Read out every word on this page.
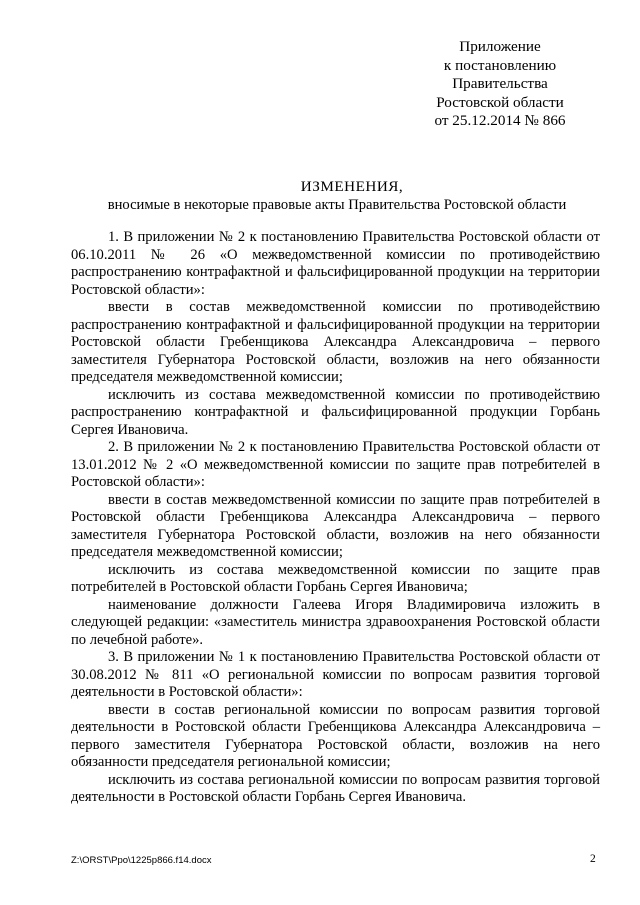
Приложение
к постановлению
Правительства
Ростовской области
от 25.12.2014 № 866
ИЗМЕНЕНИЯ,
вносимые в некоторые правовые акты Правительства Ростовской области

1. В приложении № 2 к постановлению Правительства Ростовской области от 06.10.2011 № 26 «О межведомственной комиссии по противодействию распространению контрафактной и фальсифицированной продукции на территории Ростовской области»:

ввести в состав межведомственной комиссии по противодействию распространению контрафактной и фальсифицированной продукции на территории Ростовской области Гребенщикова Александра Александровича – первого заместителя Губернатора Ростовской области, возложив на него обязанности председателя межведомственной комиссии;

исключить из состава межведомственной комиссии по противодействию распространению контрафактной и фальсифицированной продукции Горбань Сергея Ивановича.

2. В приложении № 2 к постановлению Правительства Ростовской области от 13.01.2012 № 2 «О межведомственной комиссии по защите прав потребителей в Ростовской области»:

ввести в состав межведомственной комиссии по защите прав потребителей в Ростовской области Гребенщикова Александра Александровича – первого заместителя Губернатора Ростовской области, возложив на него обязанности председателя межведомственной комиссии;

исключить из состава межведомственной комиссии по защите прав потребителей в Ростовской области Горбань Сергея Ивановича;

наименование должности Галеева Игоря Владимировича изложить в следующей редакции: «заместитель министра здравоохранения Ростовской области по лечебной работе».

3. В приложении № 1 к постановлению Правительства Ростовской области от 30.08.2012 № 811 «О региональной комиссии по вопросам развития торговой деятельности в Ростовской области»:

ввести в состав региональной комиссии по вопросам развития торговой деятельности в Ростовской области Гребенщикова Александра Александровича – первого заместителя Губернатора Ростовской области, возложив на него обязанности председателя региональной комиссии;

исключить из состава региональной комиссии по вопросам развития торговой деятельности в Ростовской области Горбань Сергея Ивановича.

Z:\ORST\Ppo\1225p866.f14.docx	2
